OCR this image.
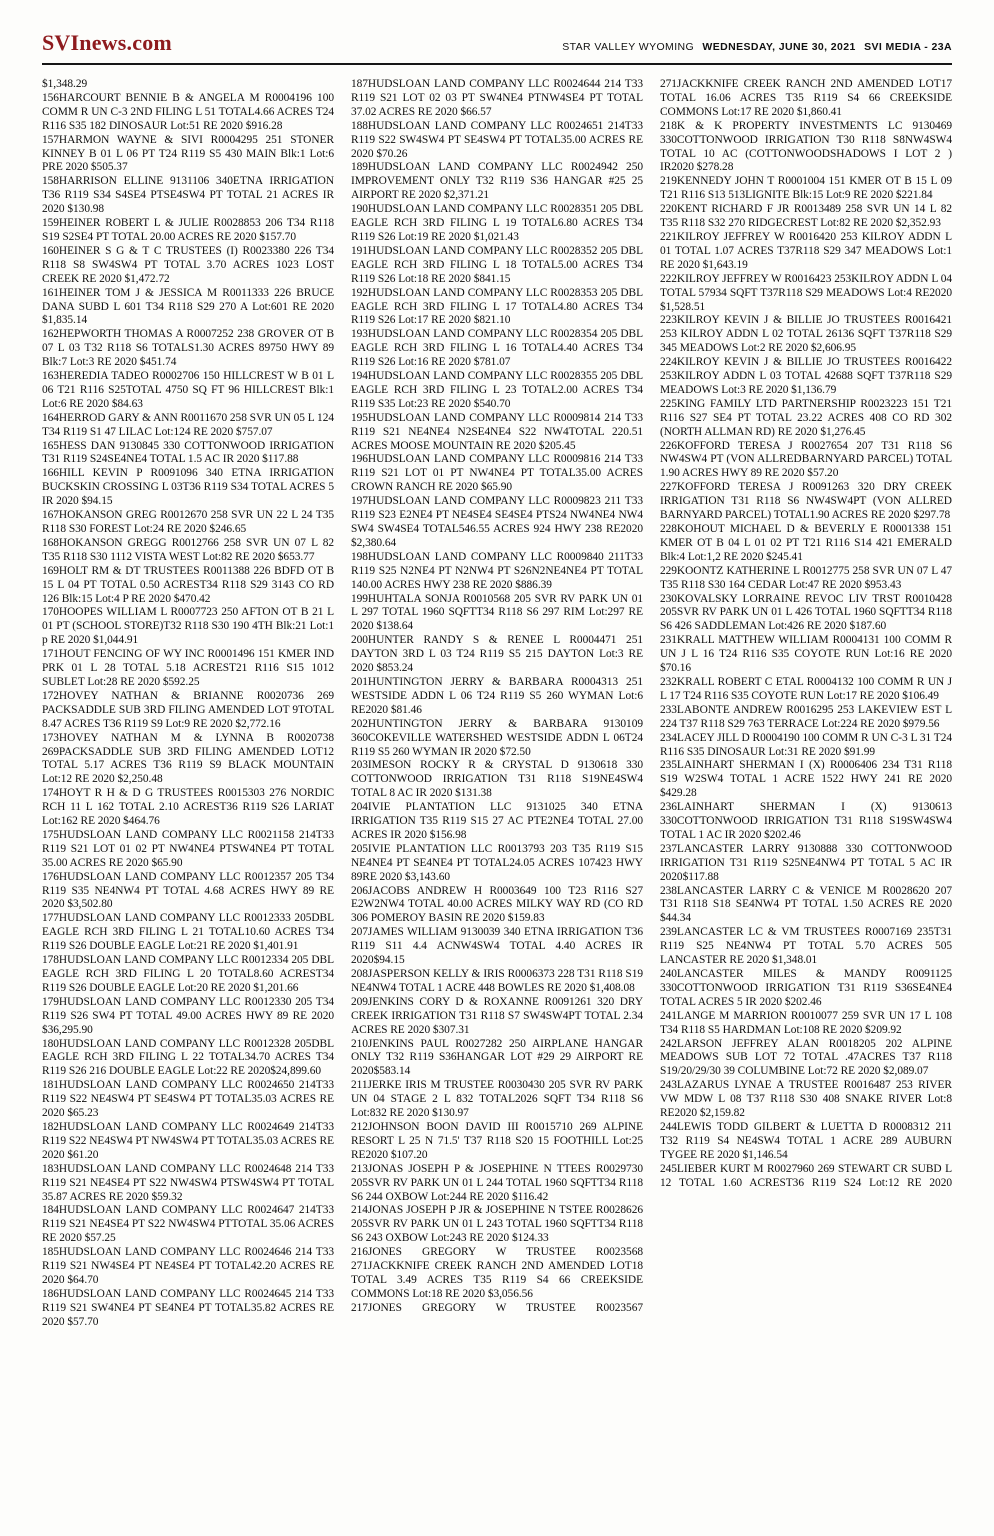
SVInews.com	STAR VALLEY WYOMING WEDNESDAY, JUNE 30, 2021 SVI MEDIA - 23A

$1,348.29

156HARCOURT BENNIE B & ANGELA M R0004196 100 COMM R UN C-3 2ND FILING L 51 TOTAL4.66 ACRES T24 R116 S35 182 DINOSAUR Lot:51 RE 2020 $916.28

157HARMON WAYNE & SIVI R0004295 251 STONER KINNEY B 01 L 06 PT T24 R119 S5 430 MAIN Blk:1 Lot:6 PRE 2020 $505.37

158HARRISON ELLINE 9131106 340ETNA IRRIGATION T36 R119 S34 S4SE4 PTSE4SW4 PT TOTAL 21 ACRES IR 2020 $130.98

159HEINER ROBERT L & JULIE R0028853 206 T34 R118 S19 S2SE4 PT TOTAL 20.00 ACRES RE 2020 $157.70

160HEINER S G & T C TRUSTEES (I) R0023380 226 T34 R118 S8 SW4SW4 PT TOTAL 3.70 ACRES 1023 LOST CREEK RE 2020 $1,472.72

161HEINER TOM J & JESSICA M R0011333 226 BRUCE DANA SUBD L 601 T34 R118 S29 270 A Lot:601 RE 2020 $1,835.14

162HEPWORTH THOMAS A R0007252 238 GROVER OT B 07 L 03 T32 R118 S6 TOTALS1.30 ACRES 89750 HWY 89 Blk:7 Lot:3 RE 2020 $451.74

163HEREDIA TADEO R0002706 150 HILLCREST W B 01 L 06 T21 R116 S25TOTAL 4750 SQ FT 96 HILLCREST Blk:1 Lot:6 RE 2020 $84.63

164HERROD GARY & ANN R0011670 258 SVR UN 05 L 124 T34 R119 S1 47 LILAC Lot:124 RE 2020 $757.07

165HESS DAN 9130845 330 COTTONWOOD IRRIGATION T31 R119 S24SE4NE4 TOTAL 1.5 AC IR 2020 $117.88

166HILL KEVIN P R0091096 340 ETNA IRRIGATION BUCKSKIN CROSSING L 03T36 R119 S34 TOTAL ACRES 5 IR 2020 $94.15

167HOKANSON GREG R0012670 258 SVR UN 22 L 24 T35 R118 S30 FOREST Lot:24 RE 2020 $246.65

168HOKANSON GREGG R0012766 258 SVR UN 07 L 82 T35 R118 S30 1112 VISTA WEST Lot:82 RE 2020 $653.77

169HOLT RM & DT TRUSTEES R0011388 226 BDFD OT B 15 L 04 PT TOTAL 0.50 ACREST34 R118 S29 3143 CO RD 126 Blk:15 Lot:4 P RE 2020 $470.42

170HOOPES WILLIAM L R0007723 250 AFTON OT B 21 L 01 PT (SCHOOL STORE)T32 R118 S30 190 4TH Blk:21 Lot:1 p RE 2020 $1,044.91

171HOUT FENCING OF WY INC R0001496 151 KMER IND PRK 01 L 28 TOTAL 5.18 ACREST21 R116 S15 1012 SUBLET Lot:28 RE 2020 $592.25

172HOVEY NATHAN & BRIANNE R0020736 269 PACKSADDLE SUB 3RD FILING AMENDED LOT 9TOTAL 8.47 ACRES T36 R119 S9 Lot:9 RE 2020 $2,772.16

173HOVEY NATHAN M & LYNNA B R0020738 269PACKSADDLE SUB 3RD FILING AMENDED LOT12 TOTAL 5.17 ACRES T36 R119 S9 BLACK MOUNTAIN Lot:12 RE 2020 $2,250.48

174HOYT R H & D G TRUSTEES R0015303 276 NORDIC RCH 11 L 162 TOTAL 2.10 ACREST36 R119 S26 LARIAT Lot:162 RE 2020 $464.76

175HUDSLOAN LAND COMPANY LLC R0021158 214T33 R119 S21 LOT 01 02 PT NW4NE4 PTSW4NE4 PT TOTAL 35.00 ACRES RE 2020 $65.90

176HUDSLOAN LAND COMPANY LLC R0012357 205 T34 R119 S35 NE4NW4 PT TOTAL 4.68 ACRES HWY 89 RE 2020 $3,502.80

177HUDSLOAN LAND COMPANY LLC R0012333 205DBL EAGLE RCH 3RD FILING L 21 TOTAL10.60 ACRES T34 R119 S26 DOUBLE EAGLE Lot:21 RE 2020 $1,401.91

178HUDSLOAN LAND COMPANY LLC R0012334 205 DBL EAGLE RCH 3RD FILING L 20 TOTAL8.60 ACREST34 R119 S26 DOUBLE EAGLE Lot:20 RE 2020 $1,201.66

179HUDSLOAN LAND COMPANY LLC R0012330 205 T34 R119 S26 SW4 PT TOTAL 49.00 ACRES HWY 89 RE 2020 $36,295.90

180HUDSLOAN LAND COMPANY LLC R0012328 205DBL EAGLE RCH 3RD FILING L 22 TOTAL34.70 ACRES T34 R119 S26 216 DOUBLE EAGLE Lot:22 RE 2020$24,899.60

181HUDSLOAN LAND COMPANY LLC R0024650 214T33 R119 S22 NE4SW4 PT SE4SW4 PT TOTAL35.03 ACRES RE 2020 $65.23

182HUDSLOAN LAND COMPANY LLC R0024649 214T33 R119 S22 NE4SW4 PT NW4SW4 PT TOTAL35.03 ACRES RE 2020 $61.20

183HUDSLOAN LAND COMPANY LLC R0024648 214 T33 R119 S21 NE4SE4 PT S22 NW4SW4 PTSW4SW4 PT TOTAL 35.87 ACRES RE 2020 $59.32

184HUDSLOAN LAND COMPANY LLC R0024647 214T33 R119 S21 NE4SE4 PT S22 NW4SW4 PTTOTAL 35.06 ACRES RE 2020 $57.25

185HUDSLOAN LAND COMPANY LLC R0024646 214 T33 R119 S21 NW4SE4 PT NE4SE4 PT TOTAL42.20 ACRES RE 2020 $64.70

186HUDSLOAN LAND COMPANY LLC R0024645 214 T33 R119 S21 SW4NE4 PT SE4NE4 PT TOTAL35.82 ACRES RE 2020 $57.70

187HUDSLOAN LAND COMPANY LLC R0024644 214 T33 R119 S21 LOT 02 03 PT SW4NE4 PTNW4SE4 PT TOTAL 37.02 ACRES RE 2020 $66.57

188HUDSLOAN LAND COMPANY LLC R0024651 214T33 R119 S22 SW4SW4 PT SE4SW4 PT TOTAL35.00 ACRES RE 2020 $70.26

189HUDSLOAN LAND COMPANY LLC R0024942 250 IMPROVEMENT ONLY T32 R119 S36 HANGAR #25 25 AIRPORT RE 2020 $2,371.21

190HUDSLOAN LAND COMPANY LLC R0028351 205 DBL EAGLE RCH 3RD FILING L 19 TOTAL6.80 ACRES T34 R119 S26 Lot:19 RE 2020 $1,021.43

191HUDSLOAN LAND COMPANY LLC R0028352 205 DBL EAGLE RCH 3RD FILING L 18 TOTAL5.00 ACRES T34 R119 S26 Lot:18 RE 2020 $841.15

192HUDSLOAN LAND COMPANY LLC R0028353 205 DBL EAGLE RCH 3RD FILING L 17 TOTAL4.80 ACRES T34 R119 S26 Lot:17 RE 2020 $821.10

193HUDSLOAN LAND COMPANY LLC R0028354 205 DBL EAGLE RCH 3RD FILING L 16 TOTAL4.40 ACRES T34 R119 S26 Lot:16 RE 2020 $781.07

194HUDSLOAN LAND COMPANY LLC R0028355 205 DBL EAGLE RCH 3RD FILING L 23 TOTAL2.00 ACRES T34 R119 S35 Lot:23 RE 2020 $540.70

195HUDSLOAN LAND COMPANY LLC R0009814 214 T33 R119 S21 NE4NE4 N2SE4NE4 S22 NW4TOTAL 220.51 ACRES MOOSE MOUNTAIN RE 2020 $205.45

196HUDSLOAN LAND COMPANY LLC R0009816 214 T33 R119 S21 LOT 01 PT NW4NE4 PT TOTAL35.00 ACRES CROWN RANCH RE 2020 $65.90

197HUDSLOAN LAND COMPANY LLC R0009823 211 T33 R119 S23 E2NE4 PT NE4SE4 SE4SE4 PTS24 NW4NE4 NW4 SW4 SW4SE4 TOTAL546.55 ACRES 924 HWY 238 RE2020 $2,380.64

198HUDSLOAN LAND COMPANY LLC R0009840 211T33 R119 S25 N2NE4 PT N2NW4 PT S26N2NE4NE4 PT TOTAL 140.00 ACRES HWY 238 RE 2020 $886.39

199HUHTALA SONJA R0010568 205 SVR RV PARK UN 01 L 297 TOTAL 1960 SQFTT34 R118 S6 297 RIM Lot:297 RE 2020 $138.64

200HUNTER RANDY S & RENEE L R0004471 251 DAYTON 3RD L 03 T24 R119 S5 215 DAYTON Lot:3 RE 2020 $853.24

201HUNTINGTON JERRY & BARBARA R0004313 251 WESTSIDE ADDN L 06 T24 R119 S5 260 WYMAN Lot:6 RE2020 $81.46

202HUNTINGTON JERRY & BARBARA 9130109 360COKEVILLE WATERSHED WESTSIDE ADDN L 06T24 R119 S5 260 WYMAN IR 2020 $72.50

203IMESON ROCKY R & CRYSTAL D 9130618 330 COTTONWOOD IRRIGATION T31 R118 S19NE4SW4 TOTAL 8 AC IR 2020 $131.38

204IVIE PLANTATION LLC 9131025 340 ETNA IRRIGATION T35 R119 S15 27 AC PTE2NE4 TOTAL 27.00 ACRES IR 2020 $156.98

205IVIE PLANTATION LLC R0013793 203 T35 R119 S15 NE4NE4 PT SE4NE4 PT TOTAL24.05 ACRES 107423 HWY 89RE 2020 $3,143.60

206JACOBS ANDREW H R0003649 100 T23 R116 S27 E2W2NW4 TOTAL 40.00 ACRES MILKY WAY RD (CO RD 306 POMEROY BASIN RE 2020 $159.83

207JAMES WILLIAM 9130039 340 ETNA IRRIGATION T36 R119 S11 4.4 ACNW4SW4 TOTAL 4.40 ACRES IR 2020$94.15

208JASPERSON KELLY & IRIS R0006373 228 T31 R118 S19 NE4NW4 TOTAL 1 ACRE 448 BOWLES RE 2020 $1,408.08

209JENKINS CORY D & ROXANNE R0091261 320 DRY CREEK IRRIGATION T31 R118 S7 SW4SW4PT TOTAL 2.34 ACRES RE 2020 $307.31

210JENKINS PAUL R0027282 250 AIRPLANE HANGAR ONLY T32 R119 S36HANGAR LOT #29 29 AIRPORT RE 2020$583.14

211JERKE IRIS M TRUSTEE R0030430 205 SVR RV PARK UN 04 STAGE 2 L 832 TOTAL2026 SQFT T34 R118 S6 Lot:832 RE 2020 $130.97

212JOHNSON BOON DAVID III R0015710 269 ALPINE RESORT L 25 N 71.5' T37 R118 S20 15 FOOTHILL Lot:25 RE2020 $107.20

213JONAS JOSEPH P & JOSEPHINE N TTEES R0029730 205SVR RV PARK UN 01 L 244 TOTAL 1960 SQFTT34 R118 S6 244 OXBOW Lot:244 RE 2020 $116.42

214JONAS JOSEPH P JR & JOSEPHINE N TSTEE R0028626 205SVR RV PARK UN 01 L 243 TOTAL 1960 SQFTT34 R118 S6 243 OXBOW Lot:243 RE 2020 $124.33

216JONES GREGORY W TRUSTEE R0023568 271JACKKNIFE CREEK RANCH 2ND AMENDED LOT18 TOTAL 3.49 ACRES T35 R119 S4 66 CREEKSIDE COMMONS Lot:18 RE 2020 $3,056.56

217JONES GREGORY W TRUSTEE R0023567

271JACKKNIFE CREEK RANCH 2ND AMENDED LOT17 TOTAL 16.06 ACRES T35 R119 S4 66 CREEKSIDE COMMONS Lot:17 RE 2020 $1,860.41

218K & K PROPERTY INVESTMENTS LC 9130469 330COTTONWOOD IRRIGATION T30 R118 S8NW4SW4 TOTAL 10 AC (COTTONWOODSHADOWS I LOT 2 ) IR2020 $278.28

219KENNEDY JOHN T R0001004 151 KMER OT B 15 L 09 T21 R116 S13 513LIGNITE Blk:15 Lot:9 RE 2020 $221.84

220KENT RICHARD F JR R0013489 258 SVR UN 14 L 82 T35 R118 S32 270 RIDGECREST Lot:82 RE 2020 $2,352.93

221KILROY JEFFREY W R0016420 253 KILROY ADDN L 01 TOTAL 1.07 ACRES T37R118 S29 347 MEADOWS Lot:1 RE 2020 $1,643.19

222KILROY JEFFREY W R0016423 253KILROY ADDN L 04 TOTAL 57934 SQFT T37R118 S29 MEADOWS Lot:4 RE2020 $1,528.51

223KILROY KEVIN J & BILLIE JO TRUSTEES R0016421 253 KILROY ADDN L 02 TOTAL 26136 SQFT T37R118 S29 345 MEADOWS Lot:2 RE 2020 $2,606.95

224KILROY KEVIN J & BILLIE JO TRUSTEES R0016422 253KILROY ADDN L 03 TOTAL 42688 SQFT T37R118 S29 MEADOWS Lot:3 RE 2020 $1,136.79

225KING FAMILY LTD PARTNERSHIP R0023223 151 T21 R116 S27 SE4 PT TOTAL 23.22 ACRES 408 CO RD 302 (NORTH ALLMAN RD) RE 2020 $1,276.45

226KOFFORD TERESA J R0027654 207 T31 R118 S6 NW4SW4 PT (VON ALLREDBARNYARD PARCEL) TOTAL 1.90 ACRES HWY 89 RE 2020 $57.20

227KOFFORD TERESA J R0091263 320 DRY CREEK IRRIGATION T31 R118 S6 NW4SW4PT (VON ALLRED BARNYARD PARCEL) TOTAL1.90 ACRES RE 2020 $297.78

228KOHOUT MICHAEL D & BEVERLY E R0001338 151 KMER OT B 04 L 01 02 PT T21 R116 S14 421 EMERALD Blk:4 Lot:1,2 RE 2020 $245.41

229KOONTZ KATHERINE L R0012775 258 SVR UN 07 L 47 T35 R118 S30 164 CEDAR Lot:47 RE 2020 $953.43

230KOVALSKY LORRAINE REVOC LIV TRST R0010428 205SVR RV PARK UN 01 L 426 TOTAL 1960 SQFTT34 R118 S6 426 SADDLEMAN Lot:426 RE 2020 $187.60

231KRALL MATTHEW WILLIAM R0004131 100 COMM R UN J L 16 T24 R116 S35 COYOTE RUN Lot:16 RE 2020 $70.16

232KRALL ROBERT C ETAL R0004132 100 COMM R UN J L 17 T24 R116 S35 COYOTE RUN Lot:17 RE 2020 $106.49

233LABONTE ANDREW R0016295 253 LAKEVIEW EST L 224 T37 R118 S29 763 TERRACE Lot:224 RE 2020 $979.56

234LACEY JILL D R0004190 100 COMM R UN C-3 L 31 T24 R116 S35 DINOSAUR Lot:31 RE 2020 $91.99

235LAINHART SHERMAN I (X) R0006406 234 T31 R118 S19 W2SW4 TOTAL 1 ACRE 1522 HWY 241 RE 2020 $429.28

236LAINHART SHERMAN I (X) 9130613 330COTTONWOOD IRRIGATION T31 R118 S19SW4SW4 TOTAL 1 AC IR 2020 $202.46

237LANCASTER LARRY 9130888 330 COTTONWOOD IRRIGATION T31 R119 S25NE4NW4 PT TOTAL 5 AC IR 2020$117.88

238LANCASTER LARRY C & VENICE M R0028620 207 T31 R118 S18 SE4NW4 PT TOTAL 1.50 ACRES RE 2020 $44.34

239LANCASTER LC & VM TRUSTEES R0007169 235T31 R119 S25 NE4NW4 PT TOTAL 5.70 ACRES 505 LANCASTER RE 2020 $1,348.01

240LANCASTER MILES & MANDY R0091125 330COTTONWOOD IRRIGATION T31 R119 S36SE4NE4 TOTAL ACRES 5 IR 2020 $202.46

241LANGE M MARRION R0010077 259 SVR UN 17 L 108 T34 R118 S5 HARDMAN Lot:108 RE 2020 $209.92

242LARSON JEFFREY ALAN R0018205 202 ALPINE MEADOWS SUB LOT 72 TOTAL .47ACRES T37 R118 S19/20/29/30 39 COLUMBINE Lot:72 RE 2020 $2,089.07

243LAZARUS LYNAE A TRUSTEE R0016487 253 RIVER VW MDW L 08 T37 R118 S30 408 SNAKE RIVER Lot:8 RE2020 $2,159.82

244LEWIS TODD GILBERT & LUETTA D R0008312 211 T32 R119 S4 NE4SW4 TOTAL 1 ACRE 289 AUBURN TYGEE RE 2020 $1,146.54

245LIEBER KURT M R0027960 269 STEWART CR SUBD L 12 TOTAL 1.60 ACREST36 R119 S24 Lot:12 RE 2020
